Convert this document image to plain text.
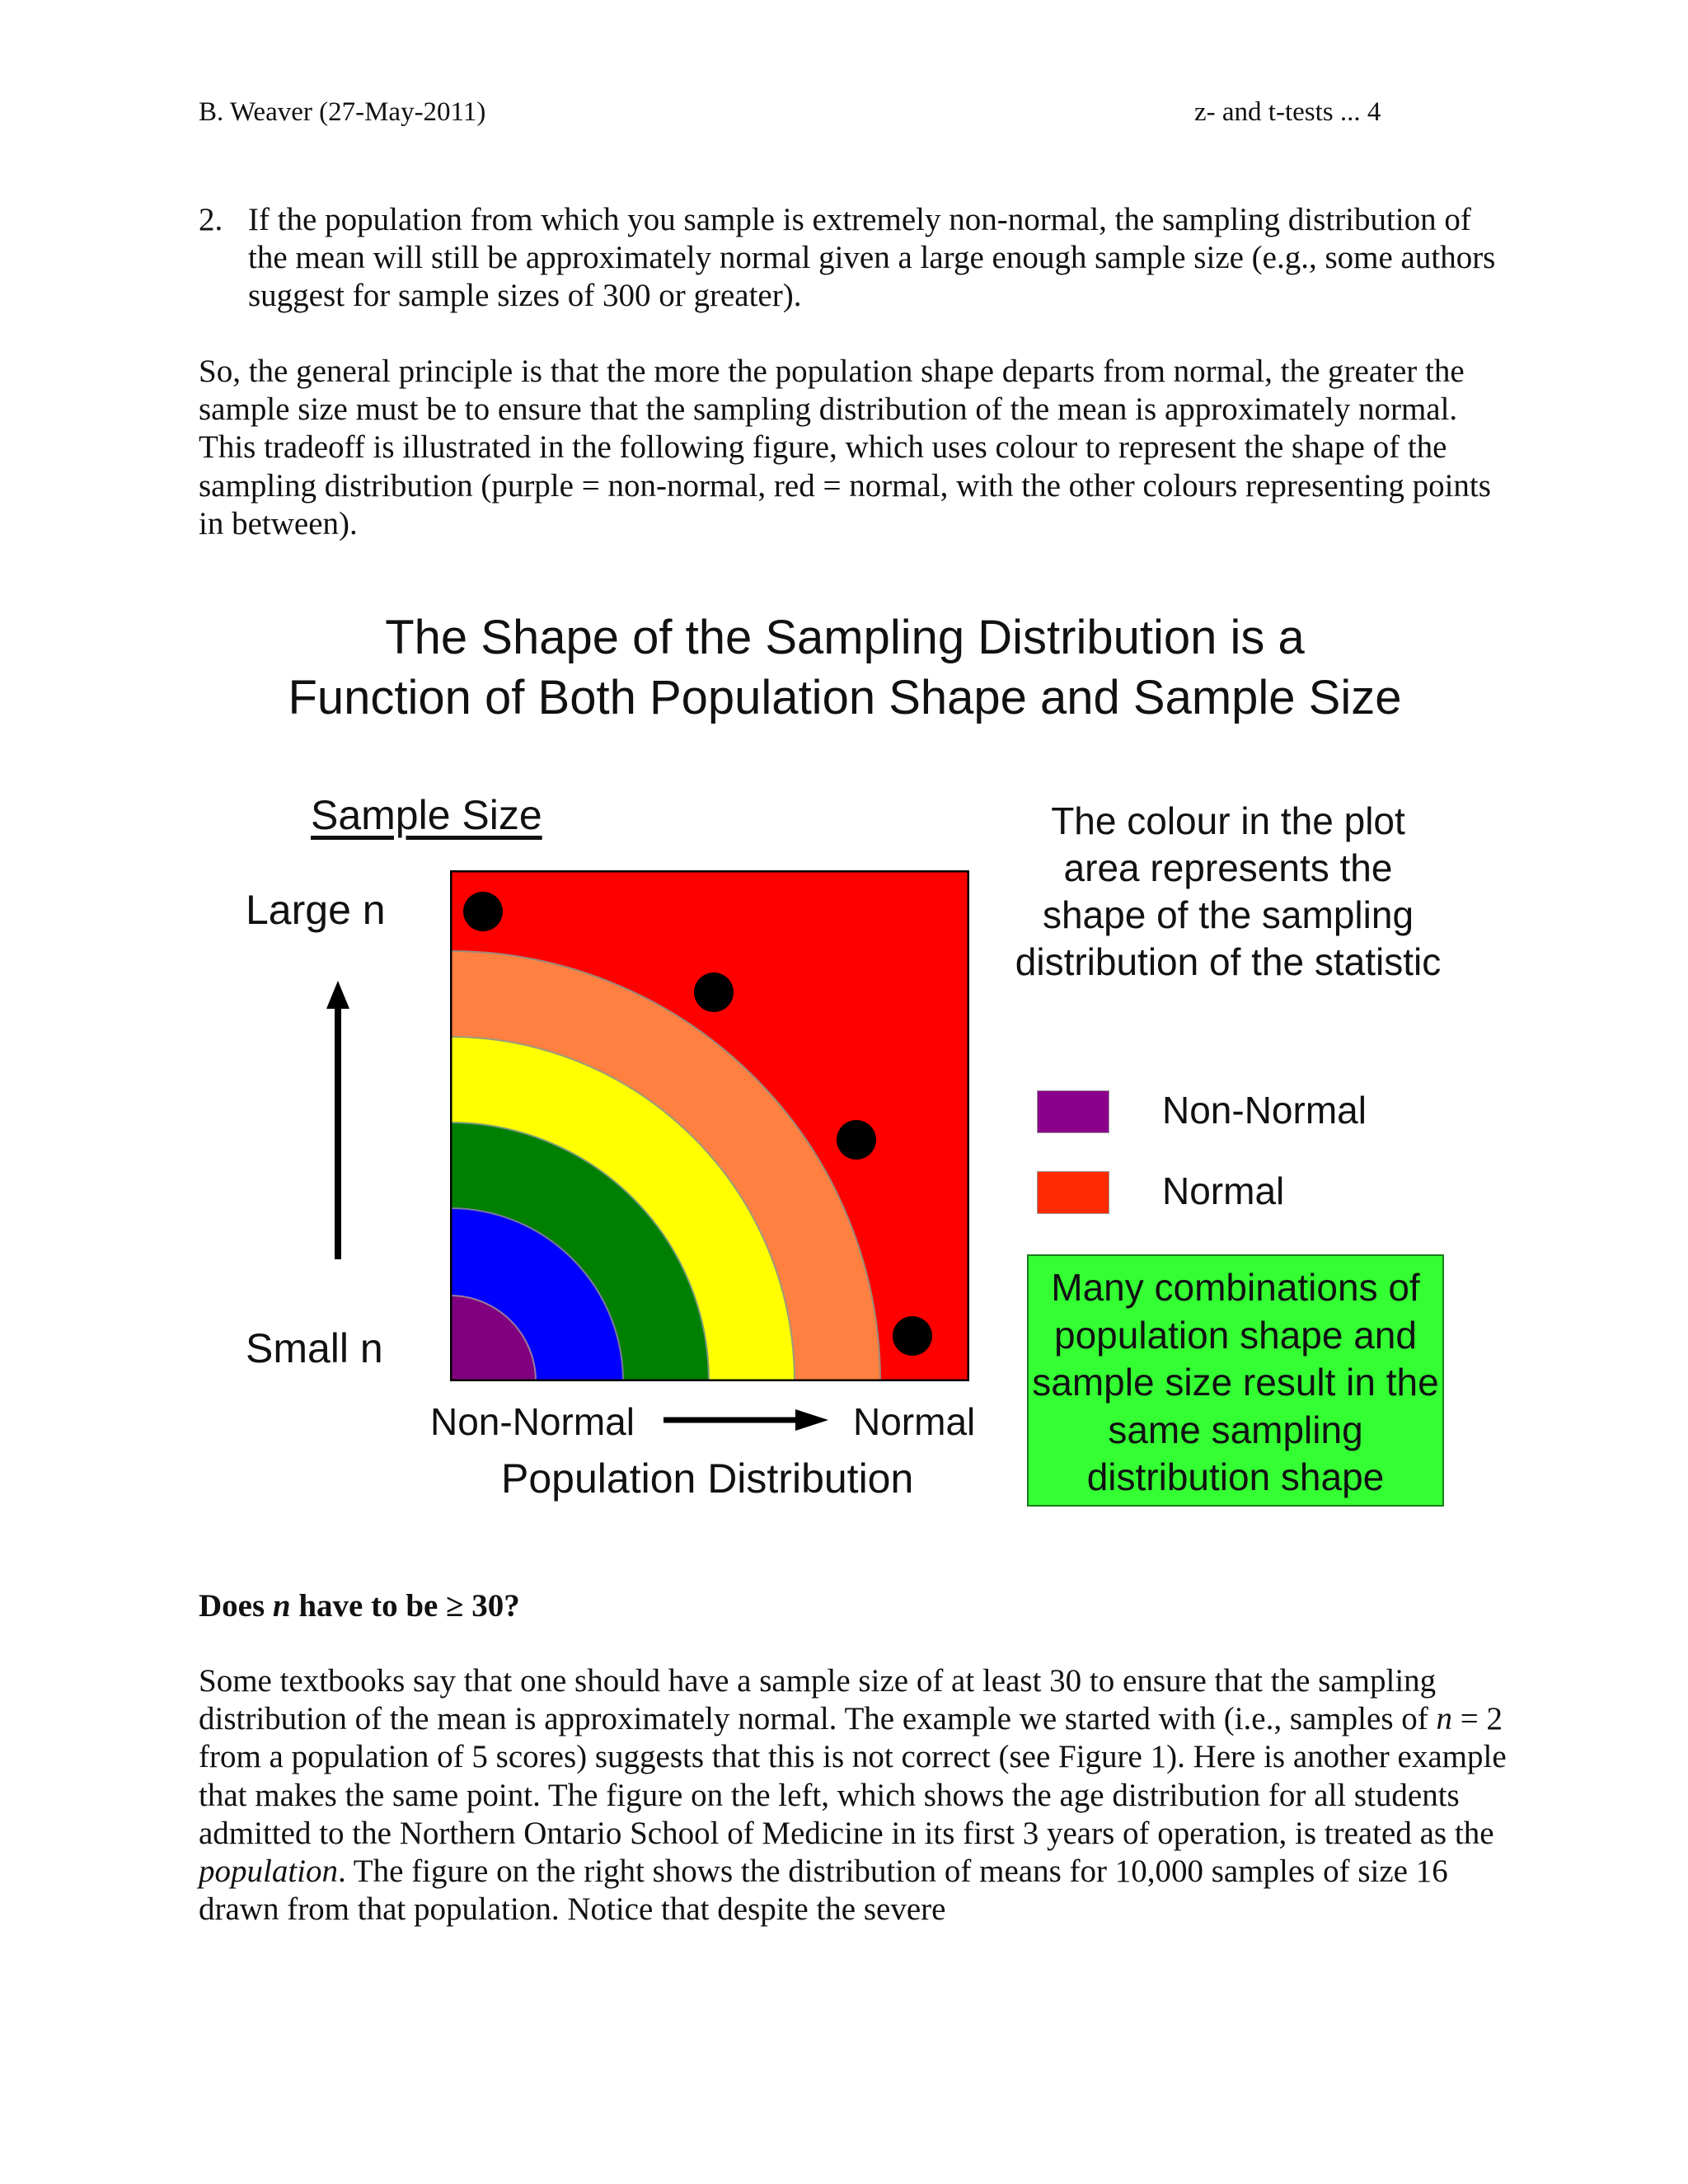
B. Weaver (27-May-2011)	z- and t-tests ... 4
2. If the population from which you sample is extremely non-normal, the sampling distribution of the mean will still be approximately normal given a large enough sample size (e.g., some authors suggest for sample sizes of 300 or greater).
So, the general principle is that the more the population shape departs from normal, the greater the sample size must be to ensure that the sampling distribution of the mean is approximately normal. This tradeoff is illustrated in the following figure, which uses colour to represent the shape of the sampling distribution (purple = non-normal, red = normal, with the other colours representing points in between).
The Shape of the Sampling Distribution is a
Function of Both Population Shape and Sample Size
Sample Size
Large n
Small n
Non-Normal	Normal
Population Distribution
The colour in the plot area represents the shape of the sampling distribution of the statistic
Non-Normal
Normal
Many combinations of population shape and sample size result in the same sampling distribution shape
Does n have to be ≥ 30?
Some textbooks say that one should have a sample size of at least 30 to ensure that the sampling distribution of the mean is approximately normal. The example we started with (i.e., samples of n = 2 from a population of 5 scores) suggests that this is not correct (see Figure 1). Here is another example that makes the same point. The figure on the left, which shows the age distribution for all students admitted to the Northern Ontario School of Medicine in its first 3 years of operation, is treated as the population. The figure on the right shows the distribution of means for 10,000 samples of size 16 drawn from that population. Notice that despite the severe
